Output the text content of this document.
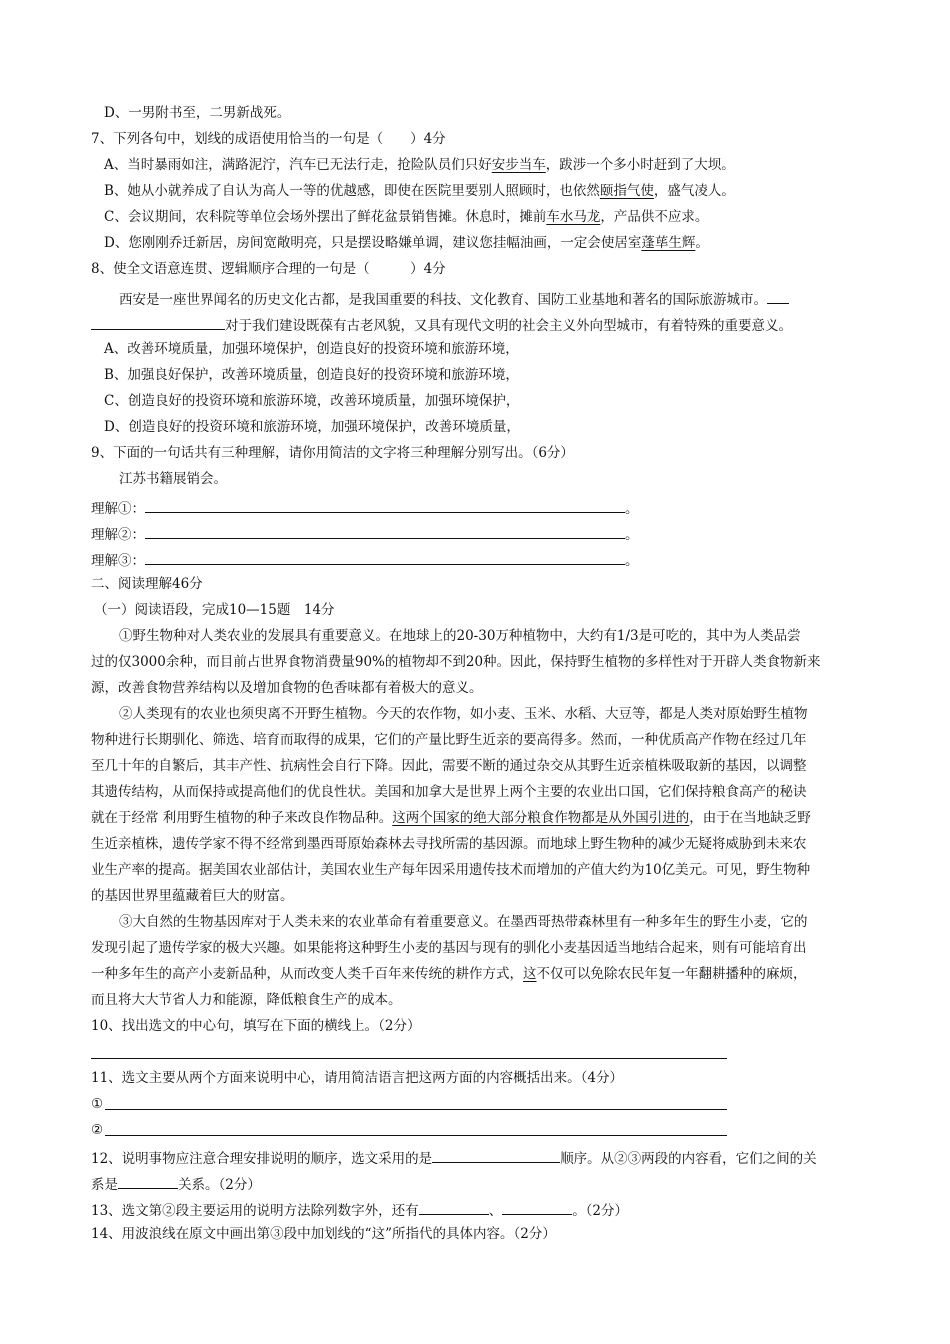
D、一男附书至，二男新战死。
7、下列各句中，划线的成语使用恰当的一句是（　　）4分
A、当时暴雨如注，满路泥泞，汽车已无法行走，抢险队员们只好安步当车，跋涉一个多小时赶到了大坝。
B、她从小就养成了自认为高人一等的优越感，即使在医院里要别人照顾时，也依然颐指气使，盛气凌人。
C、会议期间，农科院等单位会场外摆出了鲜花盆景销售摊。休息时，摊前车水马龙，产品供不应求。
D、您刚刚乔迁新居，房间宽敞明亮，只是摆设略嫌单调，建议您挂幅油画，一定会使居室蓬荜生辉。
8、使全文语意连贯、逻辑顺序合理的一句是（　　　）4分
西安是一座世界闻名的历史文化古都，是我国重要的科技、文化教育、国防工业基地和著名的国际旅游城市。
对于我们建设既葆有古老风貌，又具有现代文明的社会主义外向型城市，有着特殊的重要意义。
A、改善环境质量，加强环境保护，创造良好的投资环境和旅游环境，
B、加强良好保护，改善环境质量，创造良好的投资环境和旅游环境，
C、创造良好的投资环境和旅游环境，改善环境质量，加强环境保护，
D、创造良好的投资环境和旅游环境，加强环境保护，改善环境质量，
9、下面的一句话共有三种理解，请你用简洁的文字将三种理解分别写出。（6分）
江苏书籍展销会。
理解①：	。
理解②：	。
理解③：	。
二、阅读理解46分
（一）阅读语段，完成10—15题　14分
①野生物种对人类农业的发展具有重要意义。在地球上的20-30万种植物中，大约有1/3是可吃的，其中为人类品尝
过的仅3000余种，而目前占世界食物消费量90%的植物却不到20种。因此，保持野生植物的多样性对于开辟人类食物新来
源，改善食物营养结构以及增加食物的色香味都有着极大的意义。
②人类现有的农业也须臾离不开野生植物。今天的农作物，如小麦、玉米、水稻、大豆等，都是人类对原始野生植物
物种进行长期驯化、筛选、培育而取得的成果，它们的产量比野生近亲的要高得多。然而，一种优质高产作物在经过几年
至几十年的自繁后，其丰产性、抗病性会自行下降。因此，需要不断的通过杂交从其野生近亲植株吸取新的基因，以调整
其遗传结构，从而保持或提高他们的优良性状。美国和加拿大是世界上两个主要的农业出口国，它们保持粮食高产的秘诀
就在于经常 利用野生植物的种子来改良作物品种。这两个国家的绝大部分粮食作物都是从外国引进的，由于在当地缺乏野
生近亲植株，遗传学家不得不经常到墨西哥原始森林去寻找所需的基因源。而地球上野生物种的减少无疑将威胁到未来农
业生产率的提高。据美国农业部估计，美国农业生产每年因采用遗传技术而增加的产值大约为10亿美元。可见，野生物种
的基因世界里蕴藏着巨大的财富。
③大自然的生物基因库对于人类未来的农业革命有着重要意义。在墨西哥热带森林里有一种多年生的野生小麦，它的
发现引起了遗传学家的极大兴趣。如果能将这种野生小麦的基因与现有的驯化小麦基因适当地结合起来，则有可能培育出
一种多年生的高产小麦新品种，从而改变人类千百年来传统的耕作方式，这不仅可以免除农民年复一年翻耕播种的麻烦，
而且将大大节省人力和能源，降低粮食生产的成本。
10、找出选文的中心句，填写在下面的横线上。（2分）
11、选文主要从两个方面来说明中心，请用简洁语言把这两方面的内容概括出来。（4分）
①
②
12、说明事物应注意合理安排说明的顺序，选文采用的是	顺序。从②③两段的内容看，它们之间的关
系是	关系。（2分）
13、选文第②段主要运用的说明方法除列数字外，还有	、	。（2分）
14、用波浪线在原文中画出第③段中加划线的“这”所指代的具体内容。（2分）
